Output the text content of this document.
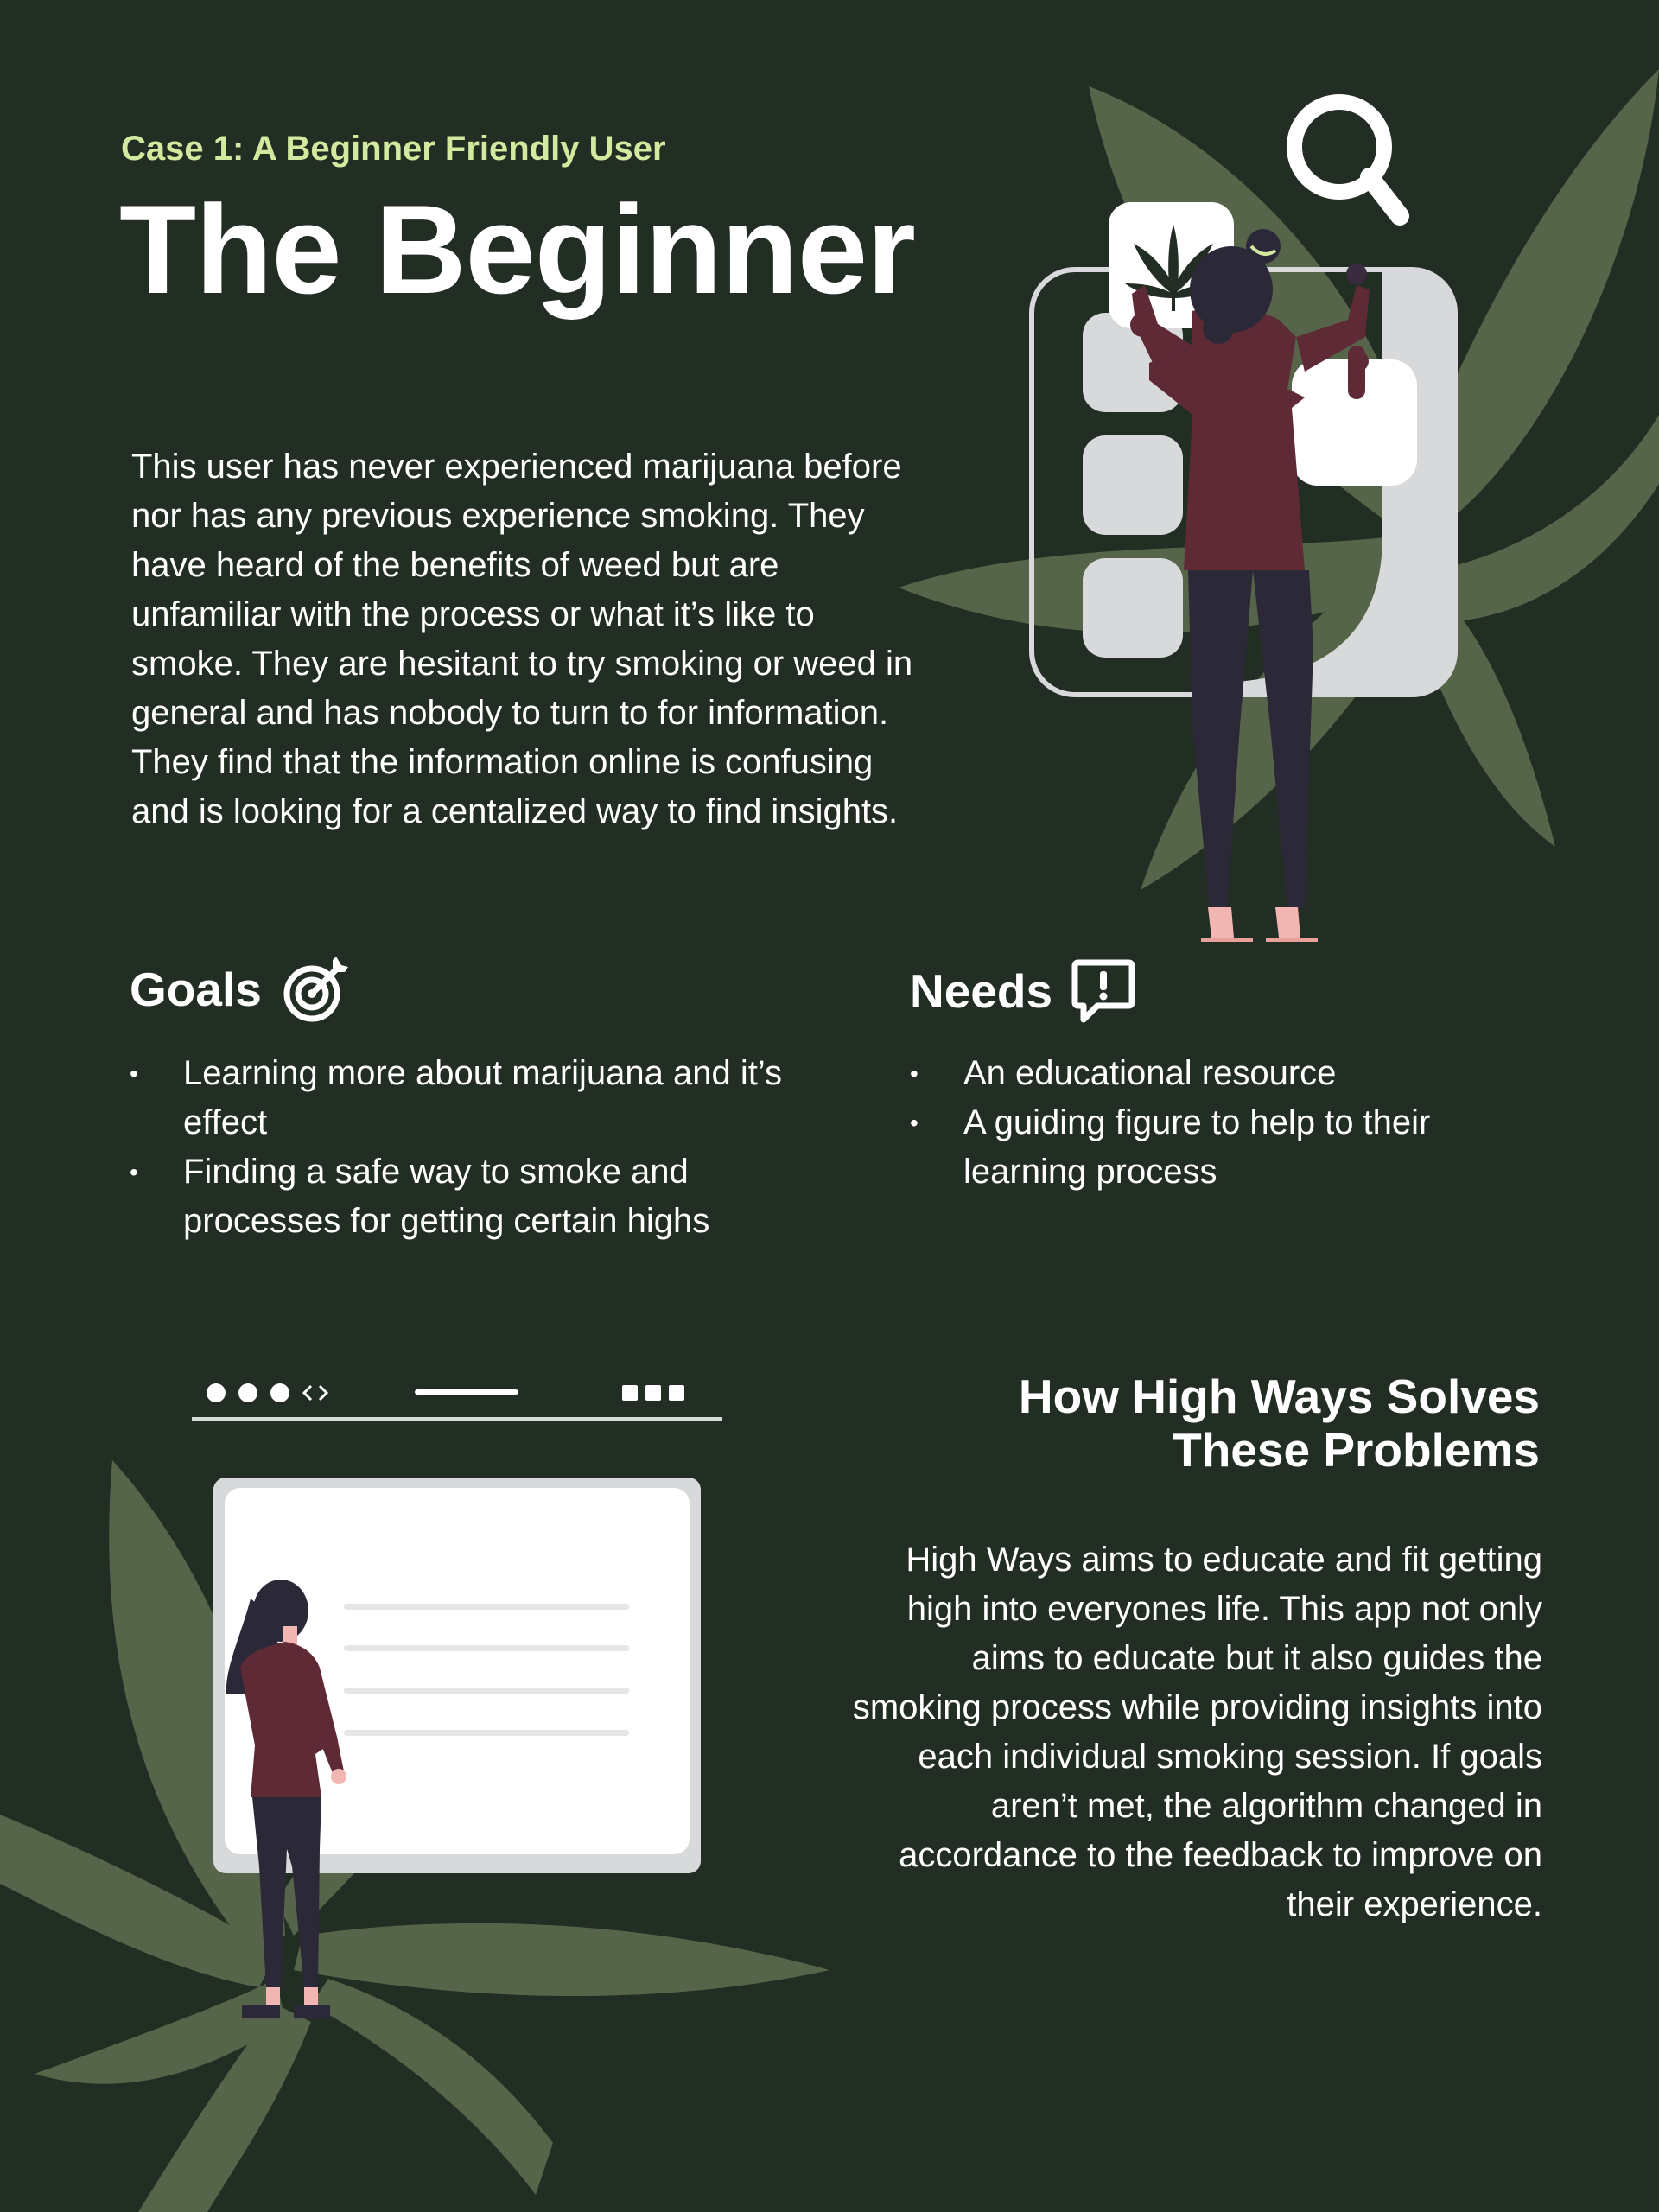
Case 1: A Beginner Friendly User
The Beginner
This user has never experienced marijuana before nor has any previous experience smoking. They have heard of the benefits of weed but are unfamiliar with the process or what it’s like to smoke. They are hesitant to try smoking or weed in general and has nobody to turn to for information. They find that the information online is confusing and is looking for a centalized way to find insights.
Goals
• Learning more about marijuana and it’s effect
• Finding a safe way to smoke and processes for getting certain highs
Needs
• An educational resource
• A guiding figure to help to their learning process
How High Ways Solves
These Problems
High Ways aims to educate and fit getting high into everyones life. This app not only aims to educate but it also guides the smoking process while providing insights into each individual smoking session. If goals aren’t met, the algorithm changed in accordance to the feedback to improve on their experience.
